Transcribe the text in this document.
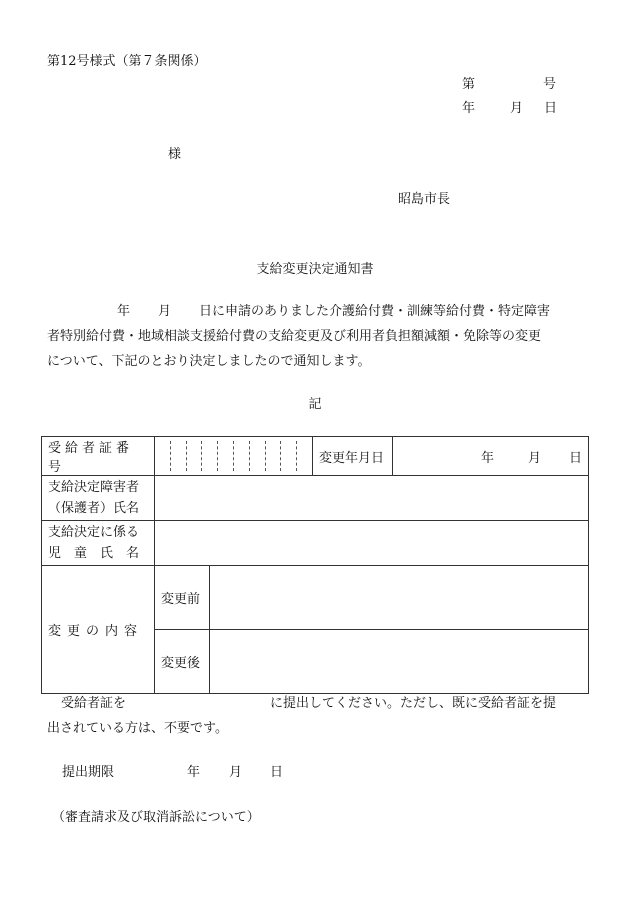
第12号様式（第７条関係）
第	号
年	月 日
様
昭島市長
支給変更決定通知書

年 月 日に申請のありました介護給付費・訓練等給付費・特定障害

者特別給付費・地域相談支援給付費の支給変更及び利用者負担額減額・免除等の変更

について、下記のとおり決定しましたので通知します。

記
受給者証番号			変更年月日	年 月 日

支給決定障害者
（保護者）氏名				

支給決定に係る
児　童　氏　名				

変更の内容	変更前			
	変更後			
受給者証を	に提出してください。ただし、既に受給者証を提
出されている方は、不要です。
提出期限	年 月 日
（審査請求及び取消訴訟について）
